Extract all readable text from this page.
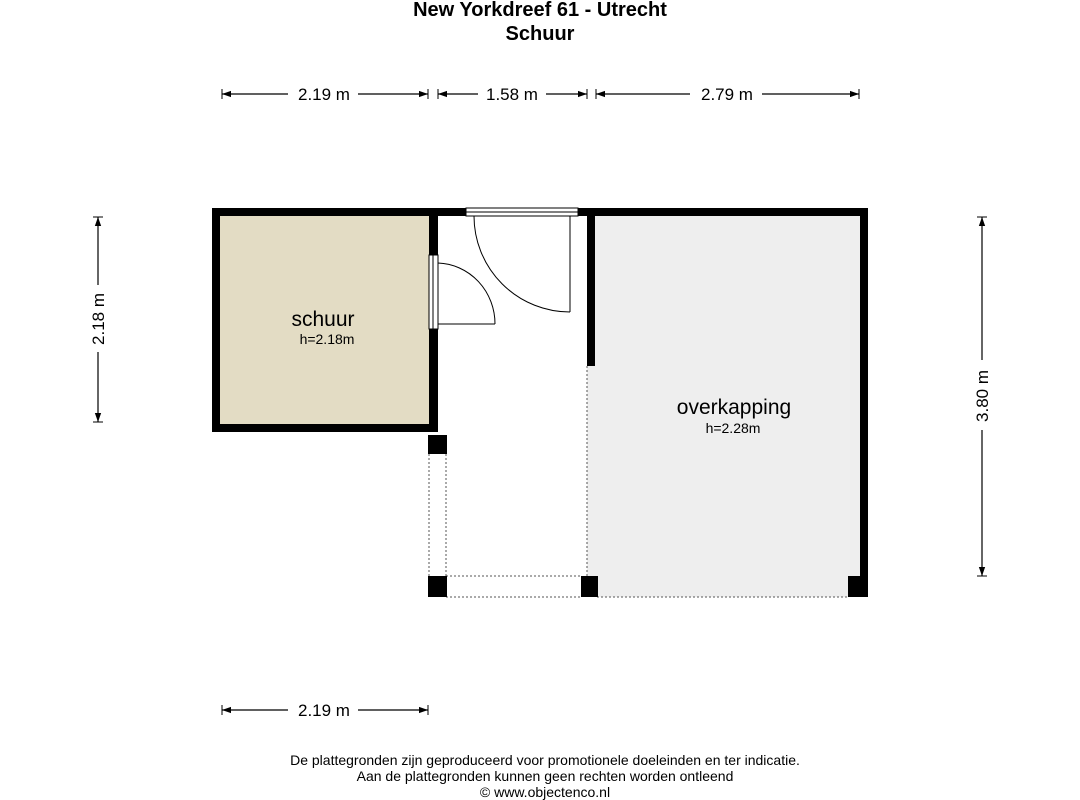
New Yorkdreef 61 - Utrecht
Schuur
2.19 m	1.58 m	2.79 m
2.19 m
2.18 m
3.80 m
schuur
h=2.18m
overkapping
h=2.28m
De plattegronden zijn geproduceerd voor promotionele doeleinden en ter indicatie.
Aan de plattegronden kunnen geen rechten worden ontleend
© www.objectenco.nl
